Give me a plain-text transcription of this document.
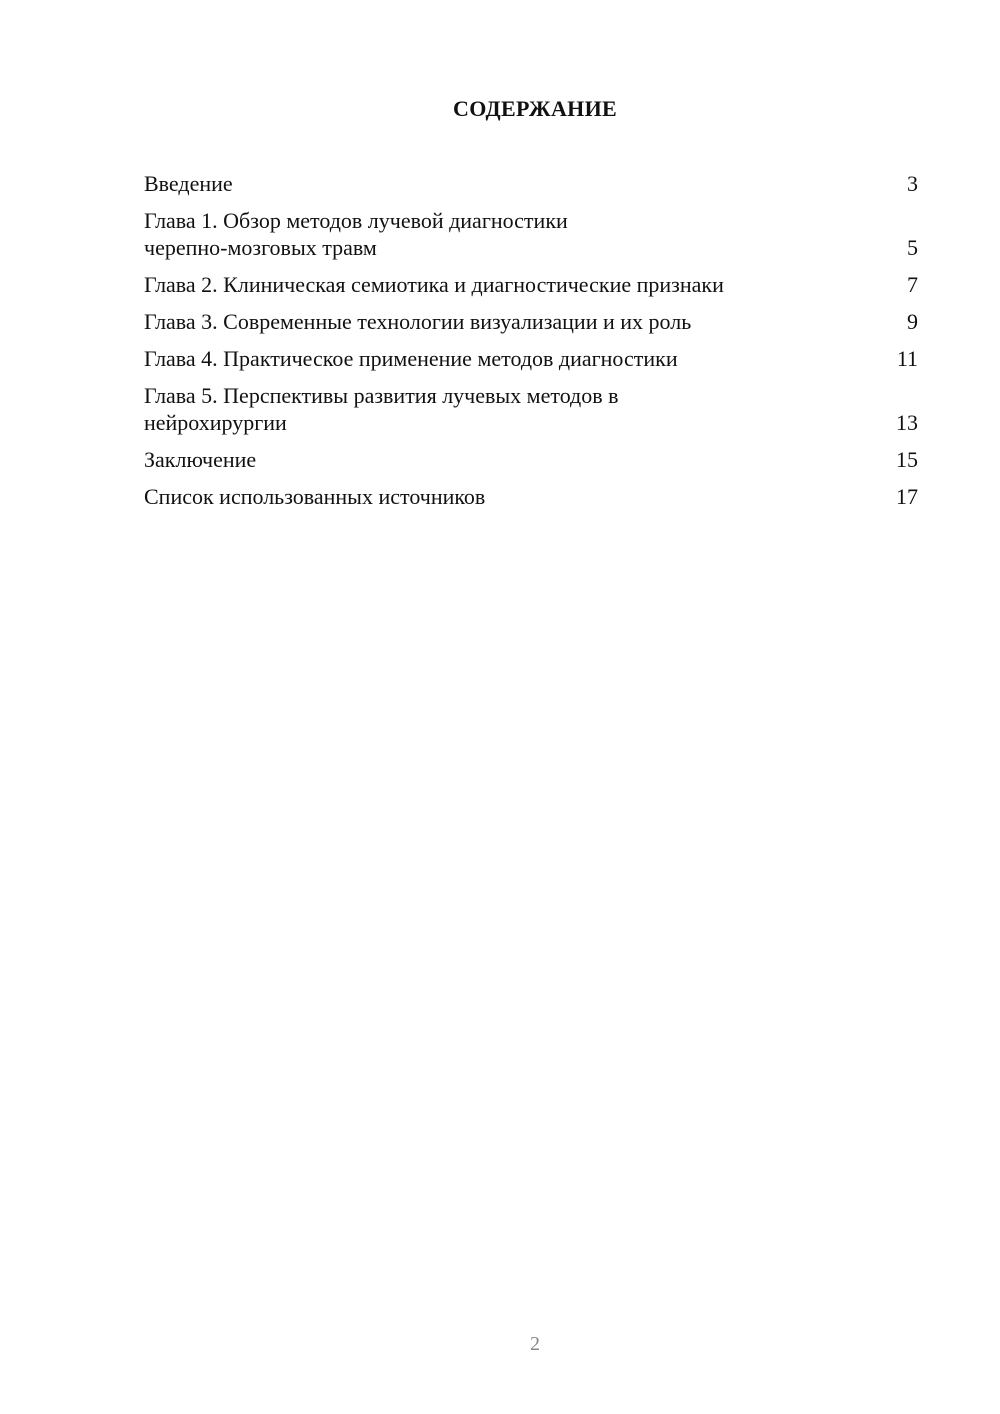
СОДЕРЖАНИЕ
Введение	3
Глава 1. Обзор методов лучевой диагностики
черепно-мозговых травм	5
Глава 2. Клиническая семиотика и диагностические признаки	7
Глава 3. Современные технологии визуализации и их роль	9
Глава 4. Практическое применение методов диагностики	11
Глава 5. Перспективы развития лучевых методов в
нейрохирургии	13
Заключение	15
Список использованных источников	17
2
